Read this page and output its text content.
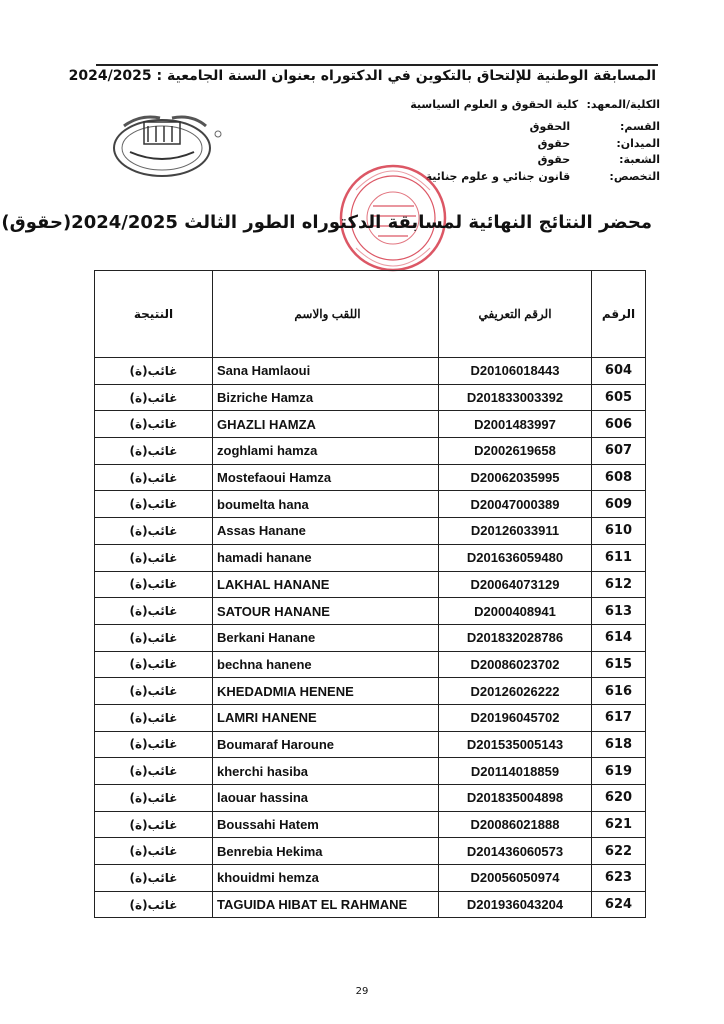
المسابقة الوطنية للإلتحاق بالتكوين في الدكتوراه بعنوان السنة الجامعية : 2024/2025
الكلية/المعهد: كلية الحقوق و العلوم السياسية
القسم: الحقوق
الميدان: حقوق
الشعبة: حقوق
التخصص: قانون جنائي و علوم جنائية
محضر النتائج النهائية لمسابقة الدكتوراه الطور الثالث 2024/2025(حقوق)
الرقم	الرقم التعريفي	اللقب والاسم	النتيجة
604	D20106018443	Sana Hamlaoui	غائب(ة)
605	D201833003392	Bizriche Hamza	غائب(ة)
606	D2001483997	GHAZLI HAMZA	غائب(ة)
607	D2002619658	zoghlami hamza	غائب(ة)
608	D20062035995	Mostefaoui Hamza	غائب(ة)
609	D20047000389	boumelta hana	غائب(ة)
610	D20126033911	Assas Hanane	غائب(ة)
611	D201636059480	hamadi hanane	غائب(ة)
612	D20064073129	LAKHAL HANANE	غائب(ة)
613	D2000408941	SATOUR HANANE	غائب(ة)
614	D201832028786	Berkani Hanane	غائب(ة)
615	D20086023702	bechna hanene	غائب(ة)
616	D20126026222	KHEDADMIA HENENE	غائب(ة)
617	D20196045702	LAMRI HANENE	غائب(ة)
618	D201535005143	Boumaraf Haroune	غائب(ة)
619	D20114018859	kherchi hasiba	غائب(ة)
620	D201835004898	laouar hassina	غائب(ة)
621	D20086021888	Boussahi Hatem	غائب(ة)
622	D201436060573	Benrebia Hekima	غائب(ة)
623	D20056050974	khouidmi hemza	غائب(ة)
624	D201936043204	TAGUIDA HIBAT EL RAHMANE	غائب(ة)
29
